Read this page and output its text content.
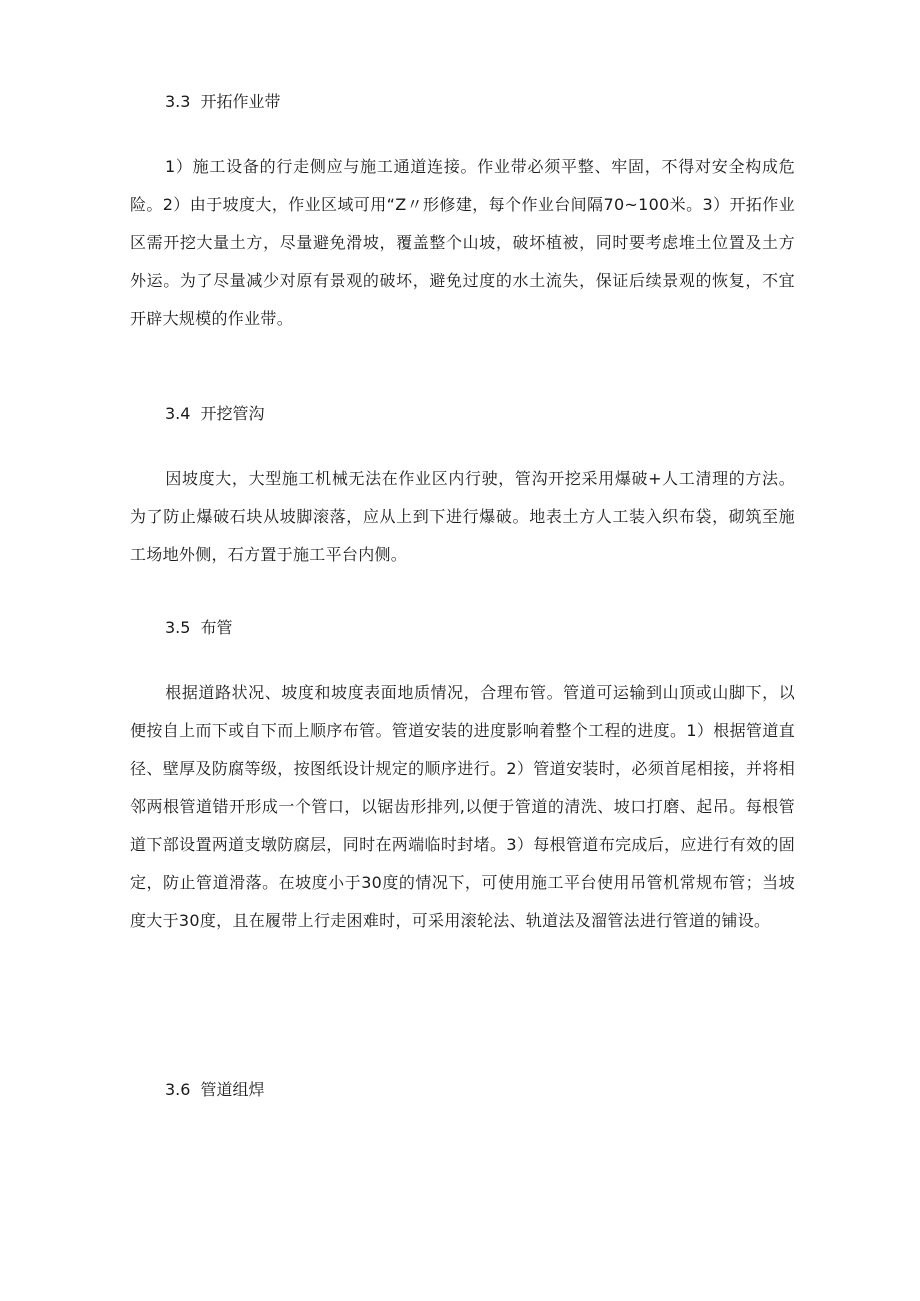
3.3 开拓作业带
1）施工设备的行走侧应与施工通道连接。作业带必须平整、牢固，不得对安全构成危险。2）由于坡度大，作业区域可用“Z〃形修建，每个作业台间隔70~100米。3）开拓作业区需开挖大量土方，尽量避免滑坡，覆盖整个山坡，破坏植被，同时要考虑堆土位置及土方外运。为了尽量减少对原有景观的破坏，避免过度的水土流失，保证后续景观的恢复，不宜开辟大规模的作业带。
3.4 开挖管沟
因坡度大，大型施工机械无法在作业区内行驶，管沟开挖采用爆破+人工清理的方法。为了防止爆破石块从坡脚滚落，应从上到下进行爆破。地表土方人工装入织布袋，砌筑至施工场地外侧，石方置于施工平台内侧。
3.5 布管
根据道路状况、坡度和坡度表面地质情况，合理布管。管道可运输到山顶或山脚下，以便按自上而下或自下而上顺序布管。管道安装的进度影响着整个工程的进度。1）根据管道直径、壁厚及防腐等级，按图纸设计规定的顺序进行。2）管道安装时，必须首尾相接，并将相邻两根管道错开形成一个管口，以锯齿形排列,以便于管道的清洗、坡口打磨、起吊。每根管道下部设置两道支墩防腐层，同时在两端临时封堵。3）每根管道布完成后，应进行有效的固定，防止管道滑落。在坡度小于30度的情况下，可使用施工平台使用吊管机常规布管；当坡度大于30度，且在履带上行走困难时，可采用滚轮法、轨道法及溜管法进行管道的铺设。
3.6 管道组焊
